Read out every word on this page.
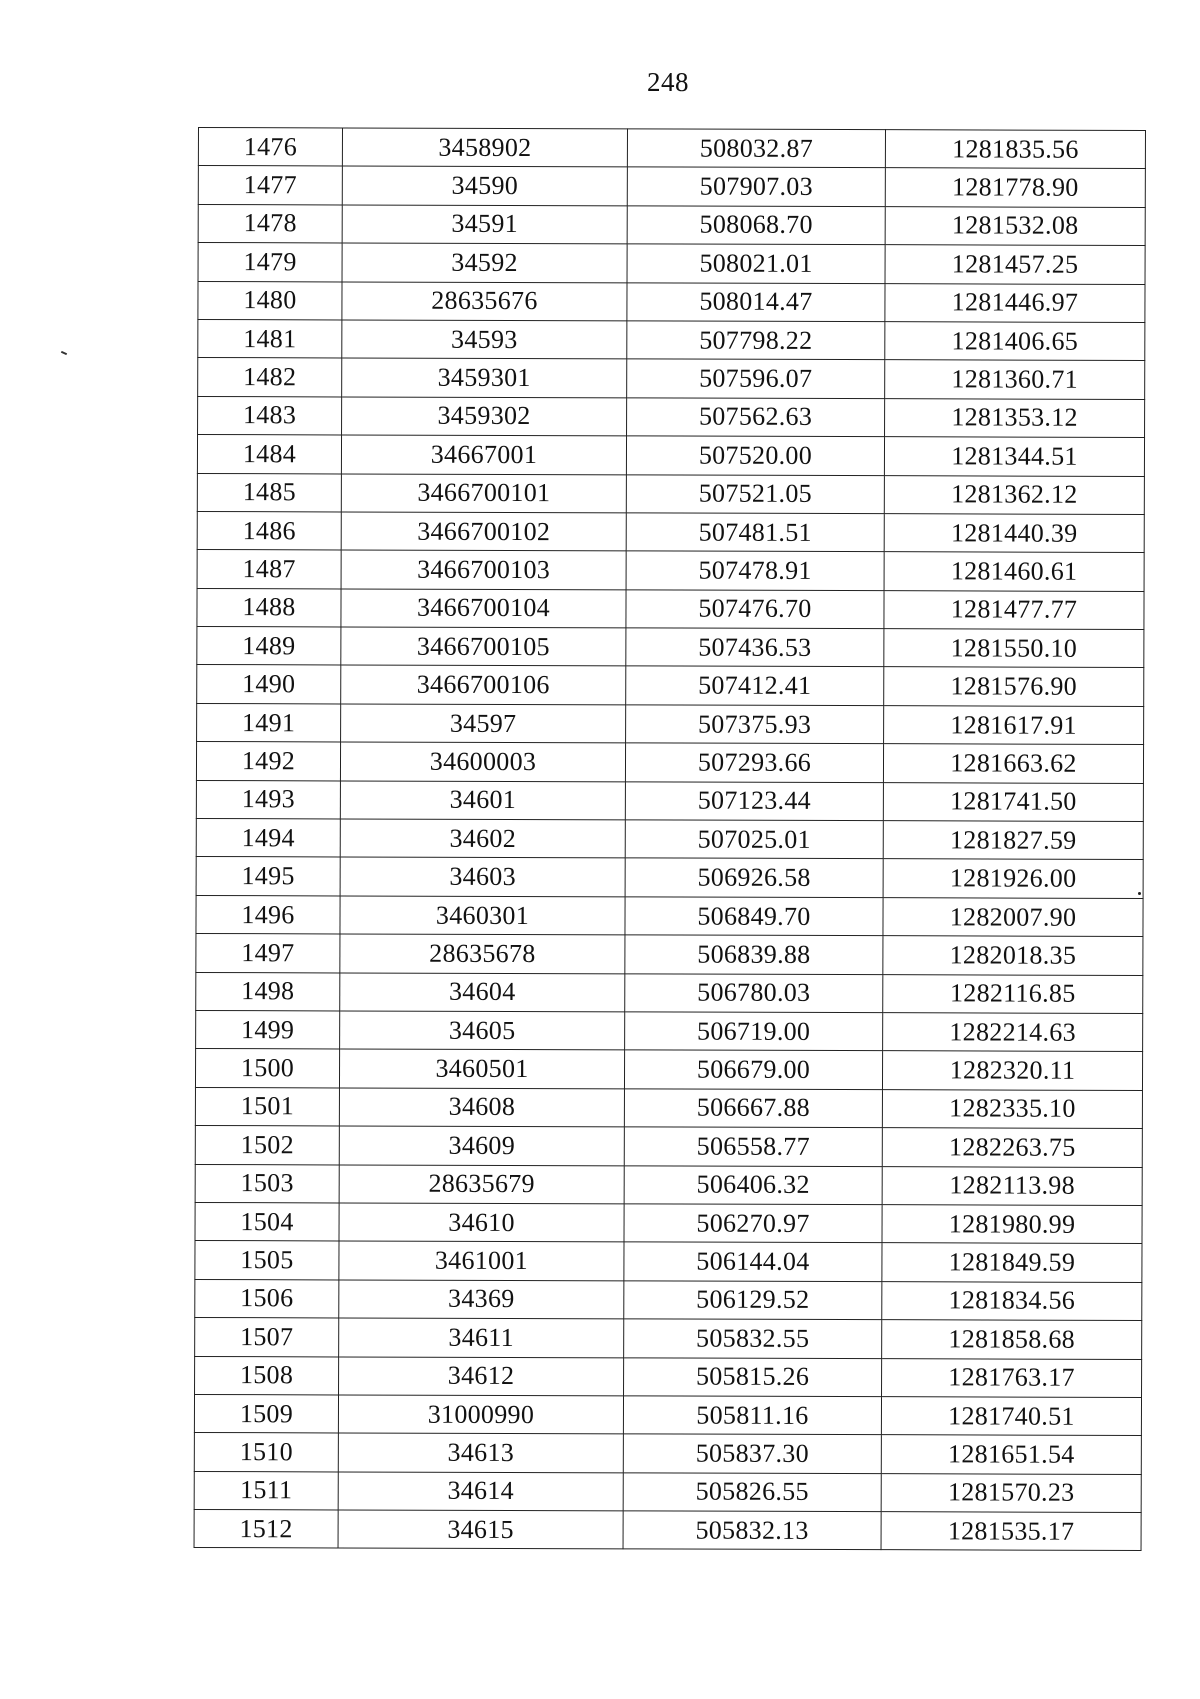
248
1476	3458902	508032.87	1281835.56
1477	34590	507907.03	1281778.90
1478	34591	508068.70	1281532.08
1479	34592	508021.01	1281457.25
1480	28635676	508014.47	1281446.97
1481	34593	507798.22	1281406.65
1482	3459301	507596.07	1281360.71
1483	3459302	507562.63	1281353.12
1484	34667001	507520.00	1281344.51
1485	3466700101	507521.05	1281362.12
1486	3466700102	507481.51	1281440.39
1487	3466700103	507478.91	1281460.61
1488	3466700104	507476.70	1281477.77
1489	3466700105	507436.53	1281550.10
1490	3466700106	507412.41	1281576.90
1491	34597	507375.93	1281617.91
1492	34600003	507293.66	1281663.62
1493	34601	507123.44	1281741.50
1494	34602	507025.01	1281827.59
1495	34603	506926.58	1281926.00
1496	3460301	506849.70	1282007.90
1497	28635678	506839.88	1282018.35
1498	34604	506780.03	1282116.85
1499	34605	506719.00	1282214.63
1500	3460501	506679.00	1282320.11
1501	34608	506667.88	1282335.10
1502	34609	506558.77	1282263.75
1503	28635679	506406.32	1282113.98
1504	34610	506270.97	1281980.99
1505	3461001	506144.04	1281849.59
1506	34369	506129.52	1281834.56
1507	34611	505832.55	1281858.68
1508	34612	505815.26	1281763.17
1509	31000990	505811.16	1281740.51
1510	34613	505837.30	1281651.54
1511	34614	505826.55	1281570.23
1512	34615	505832.13	1281535.17
